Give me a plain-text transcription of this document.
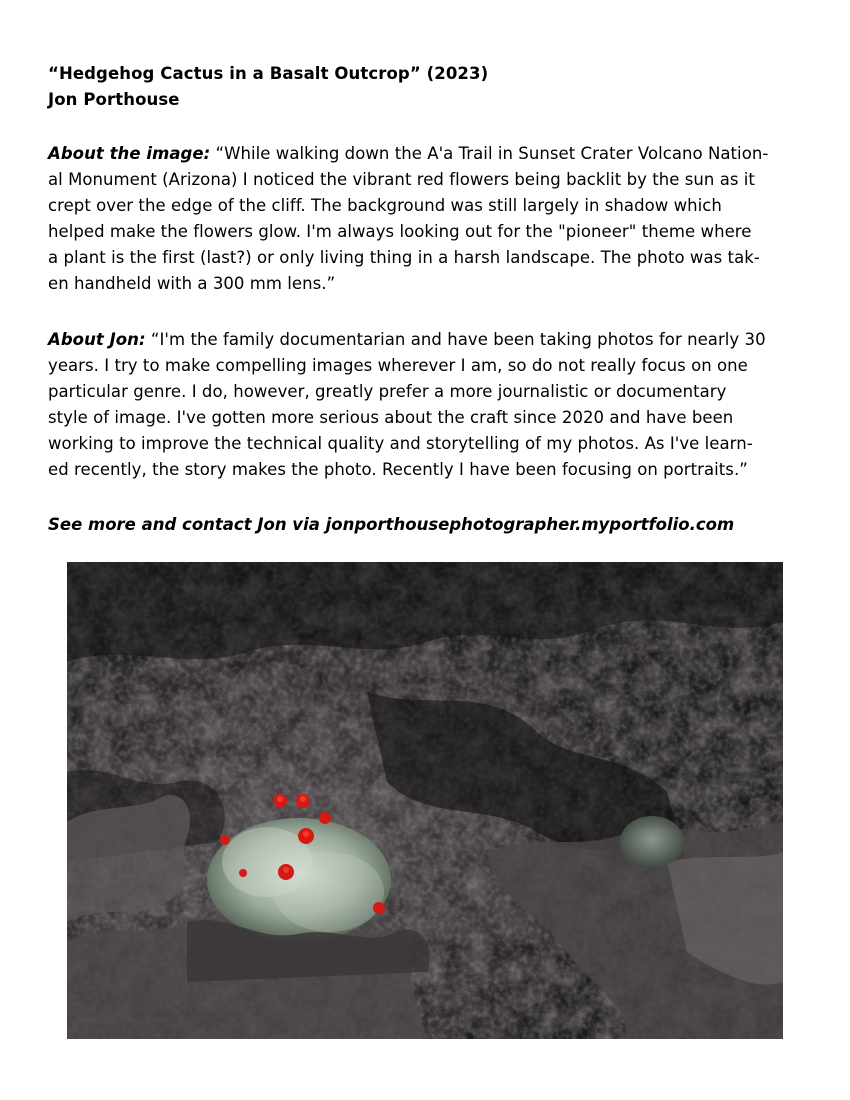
“Hedgehog Cactus in a Basalt Outcrop” (2023)
Jon Porthouse
About the image: “While walking down the A'a Trail in Sunset Crater Volcano Nation-
al Monument (Arizona) I noticed the vibrant red flowers being backlit by the sun as it
crept over the edge of the cliff. The background was still largely in shadow which
helped make the flowers glow. I'm always looking out for the "pioneer" theme where
a plant is the first (last?) or only living thing in a harsh landscape. The photo was tak-
en handheld with a 300 mm lens.”
About Jon: “I'm the family documentarian and have been taking photos for nearly 30
years. I try to make compelling images wherever I am, so do not really focus on one
particular genre. I do, however, greatly prefer a more journalistic or documentary
style of image. I've gotten more serious about the craft since 2020 and have been
working to improve the technical quality and storytelling of my photos. As I've learn-
ed recently, the story makes the photo. Recently I have been focusing on portraits.”
See more and contact Jon via jonporthousephotographer.myportfolio.com
